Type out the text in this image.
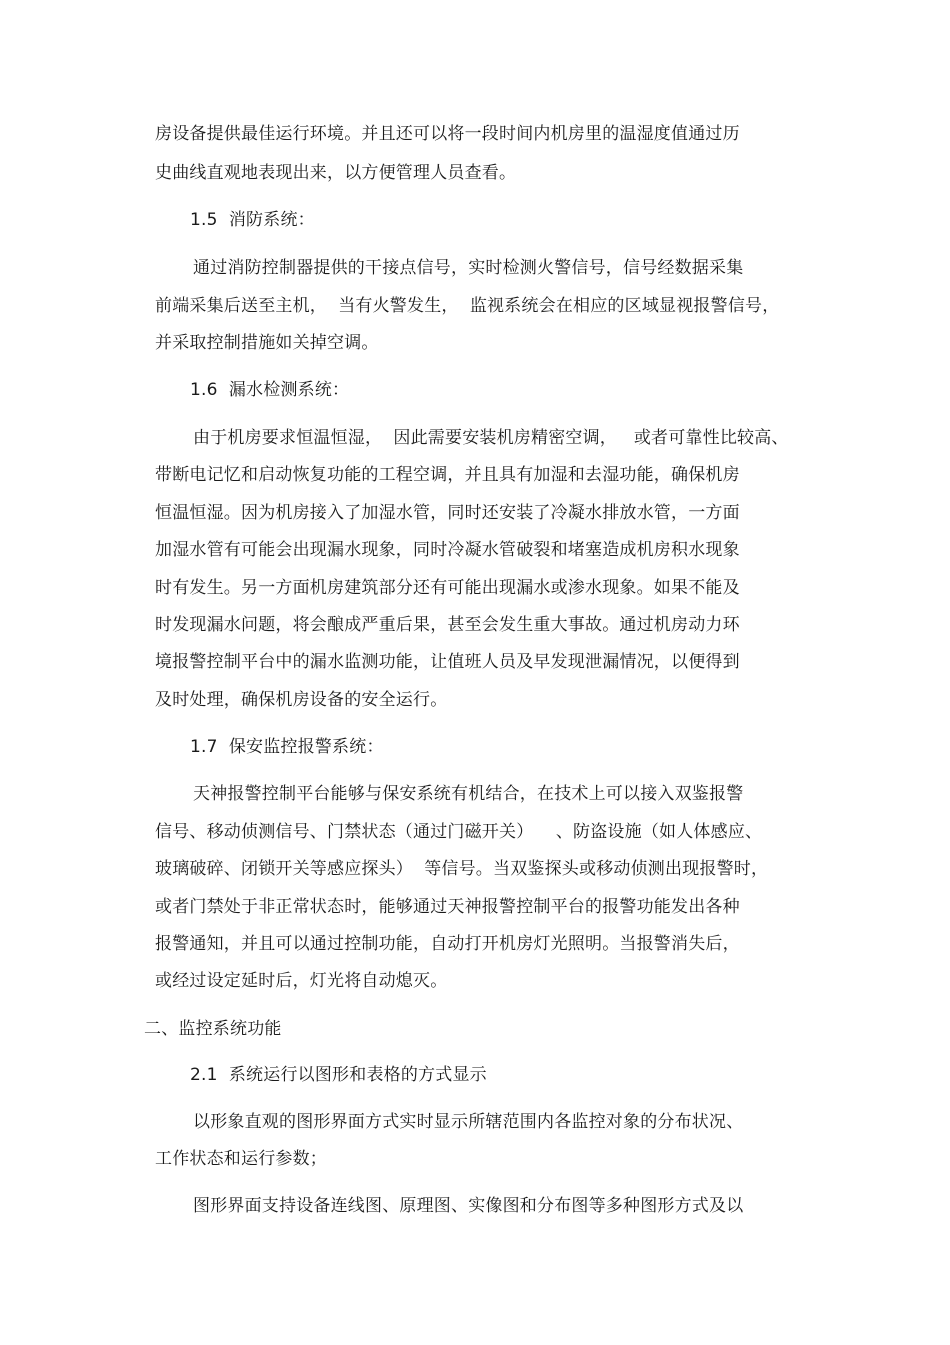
房设备提供最佳运行环境。并且还可以将一段时间内机房里的温湿度值通过历
史曲线直观地表现出来，以方便管理人员查看。
1.5  消防系统：
通过消防控制器提供的干接点信号，实时检测火警信号，信号经数据采集
前端采集后送至主机，  当有火警发生，  监视系统会在相应的区域显视报警信号，
并采取控制措施如关掉空调。
1.6  漏水检测系统：
由于机房要求恒温恒湿，  因此需要安装机房精密空调，   或者可靠性比较高、
带断电记忆和启动恢复功能的工程空调，并且具有加湿和去湿功能，确保机房
恒温恒湿。因为机房接入了加湿水管，同时还安装了冷凝水排放水管，一方面
加湿水管有可能会出现漏水现象，同时冷凝水管破裂和堵塞造成机房积水现象
时有发生。另一方面机房建筑部分还有可能出现漏水或渗水现象。如果不能及
时发现漏水问题，将会酿成严重后果，甚至会发生重大事故。通过机房动力环
境报警控制平台中的漏水监测功能，让值班人员及早发现泄漏情况，以便得到
及时处理，确保机房设备的安全运行。
1.7  保安监控报警系统：
天神报警控制平台能够与保安系统有机结合，在技术上可以接入双鉴报警
信号、移动侦测信号、门禁状态（通过门磁开关）    、防盗设施（如人体感应、
玻璃破碎、闭锁开关等感应探头）  等信号。当双鉴探头或移动侦测出现报警时，
或者门禁处于非正常状态时，能够通过天神报警控制平台的报警功能发出各种
报警通知，并且可以通过控制功能，自动打开机房灯光照明。当报警消失后，
或经过设定延时后，灯光将自动熄灭。
二、监控系统功能
2.1  系统运行以图形和表格的方式显示
以形象直观的图形界面方式实时显示所辖范围内各监控对象的分布状况、
工作状态和运行参数；
图形界面支持设备连线图、原理图、实像图和分布图等多种图形方式及以
